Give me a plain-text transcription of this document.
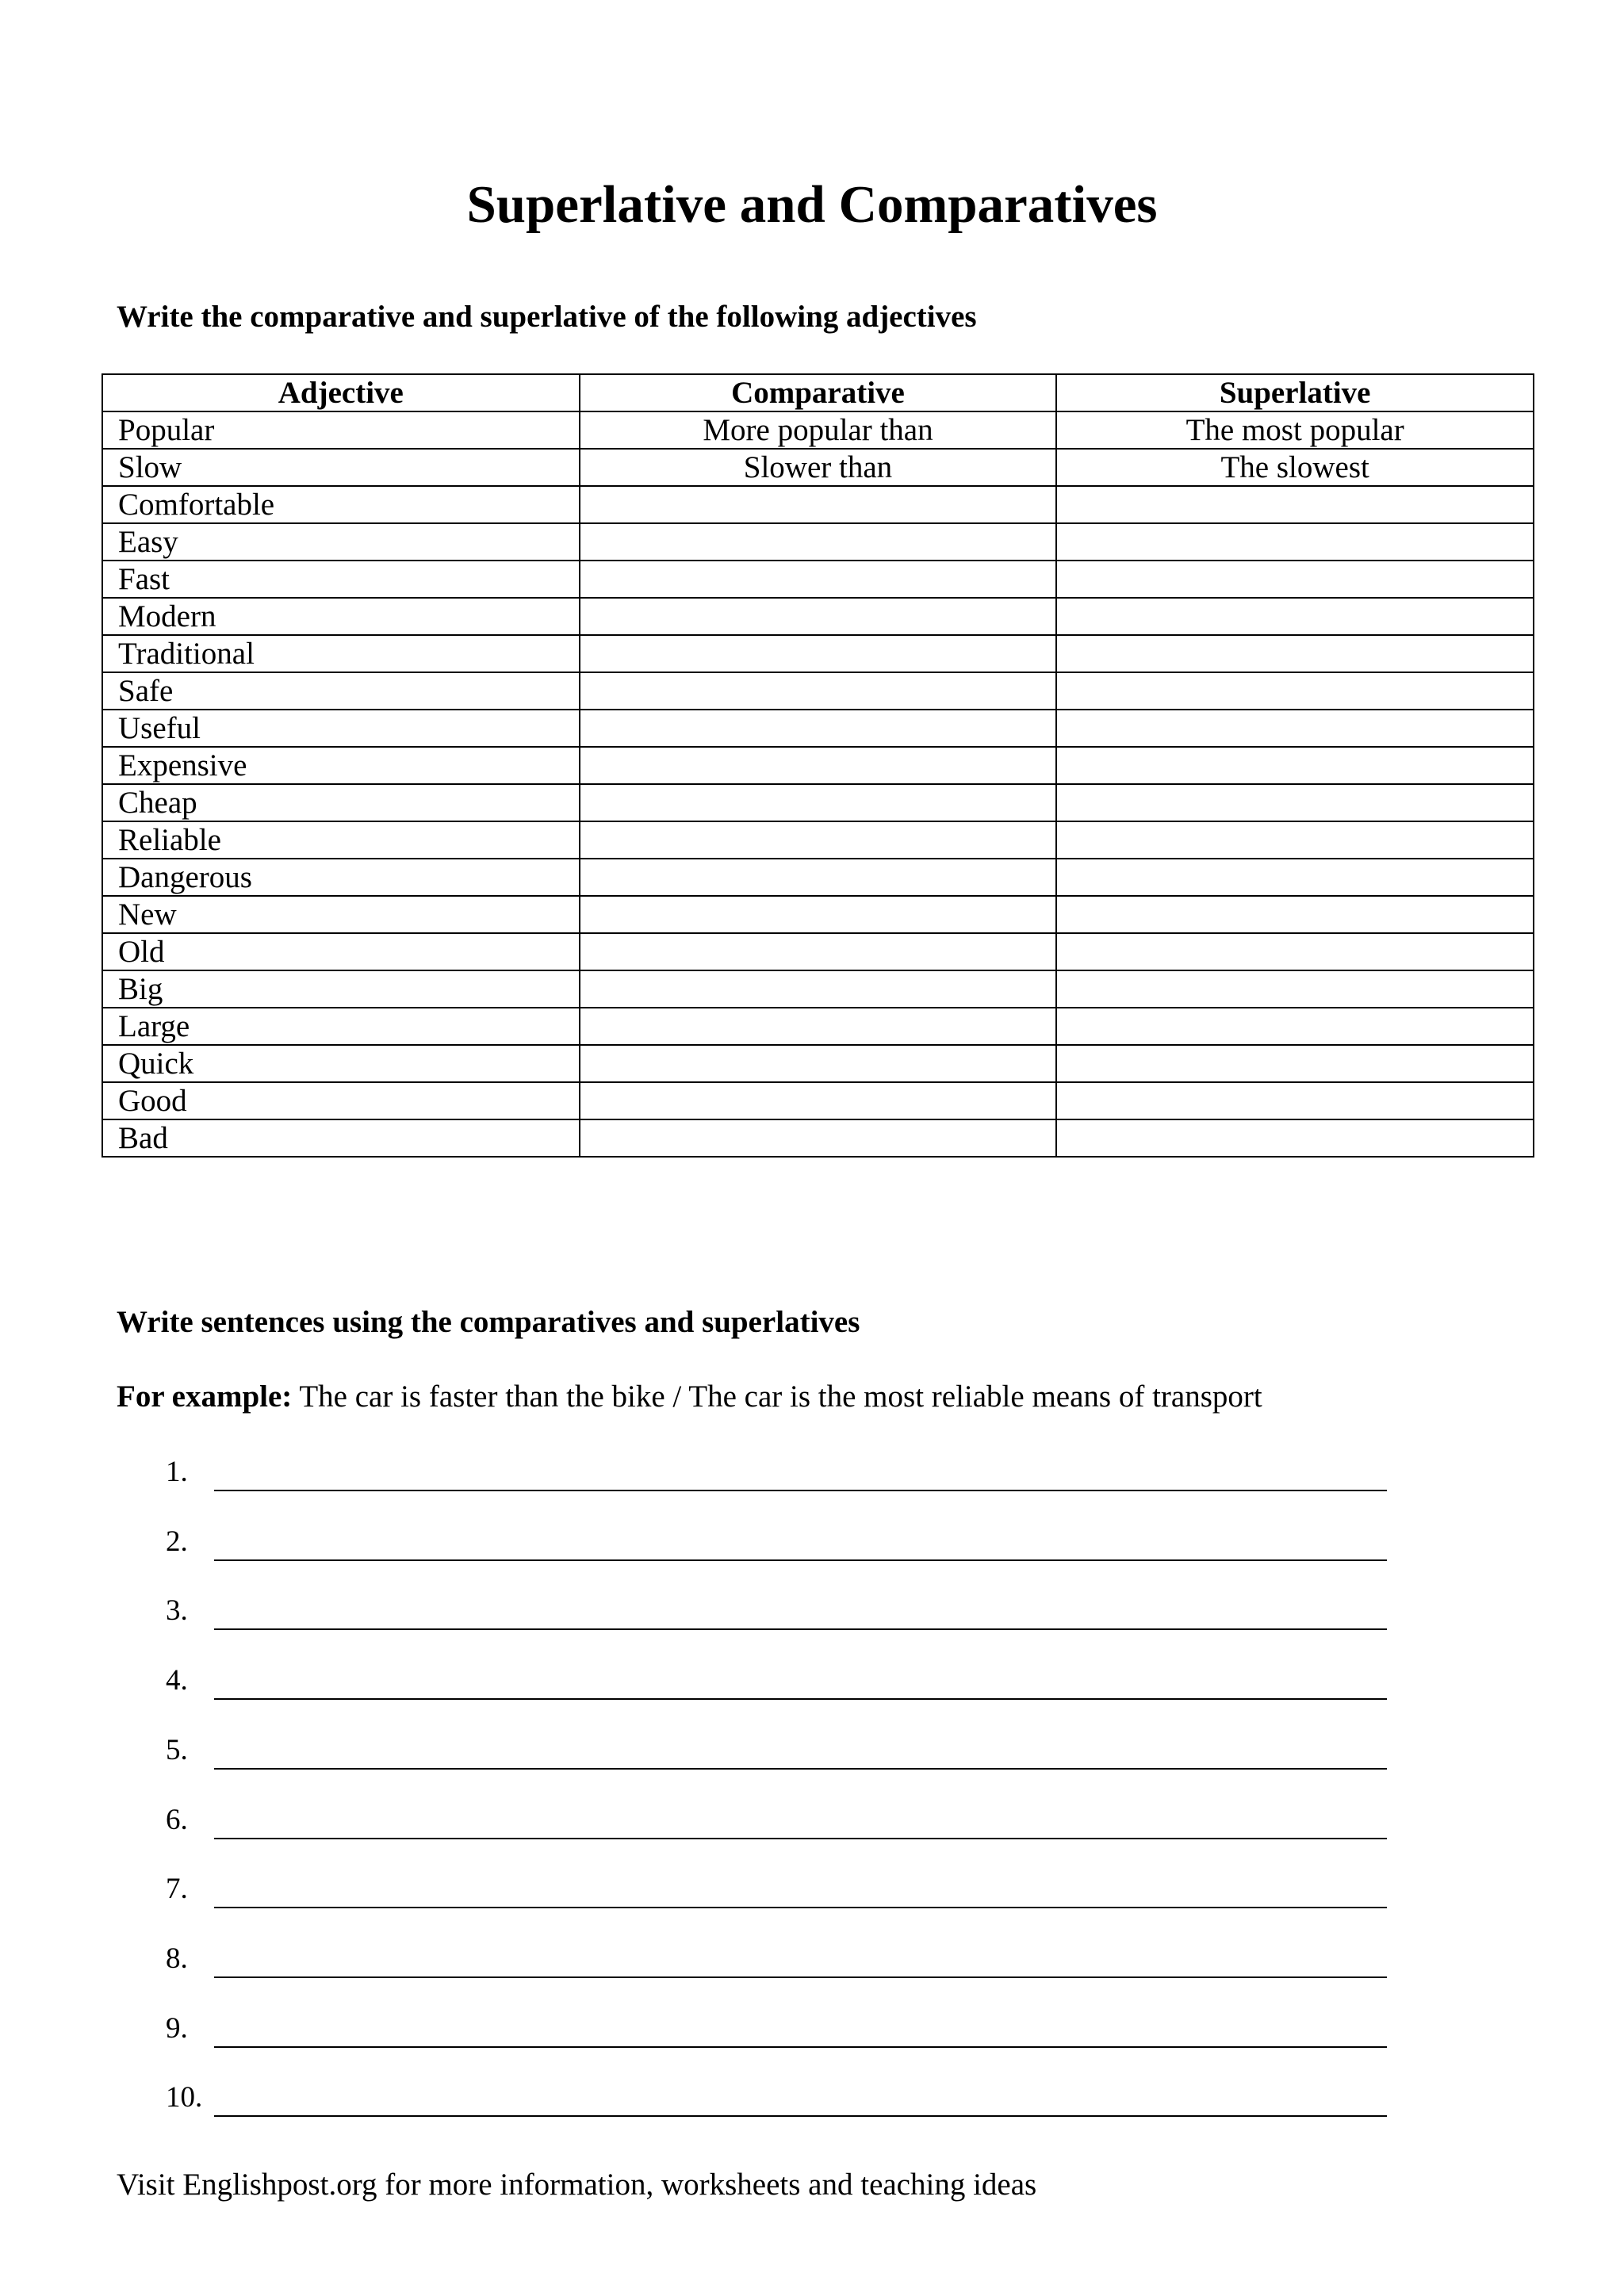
Superlative and Comparatives
Write the comparative and superlative of the following adjectives
Adjective	Comparative	Superlative
Popular	More popular than	The most popular
Slow	Slower than	The slowest
Comfortable		
Easy		
Fast		
Modern		
Traditional		
Safe		
Useful		
Expensive		
Cheap		
Reliable		
Dangerous		
New		
Old		
Big		
Large		
Quick		
Good		
Bad		
Write sentences using the comparatives and superlatives
For example: The car is faster than the bike / The car is the most reliable means of transport
1.
2.
3.
4.
5.
6.
7.
8.
9.
10.
Visit Englishpost.org for more information, worksheets and teaching ideas
